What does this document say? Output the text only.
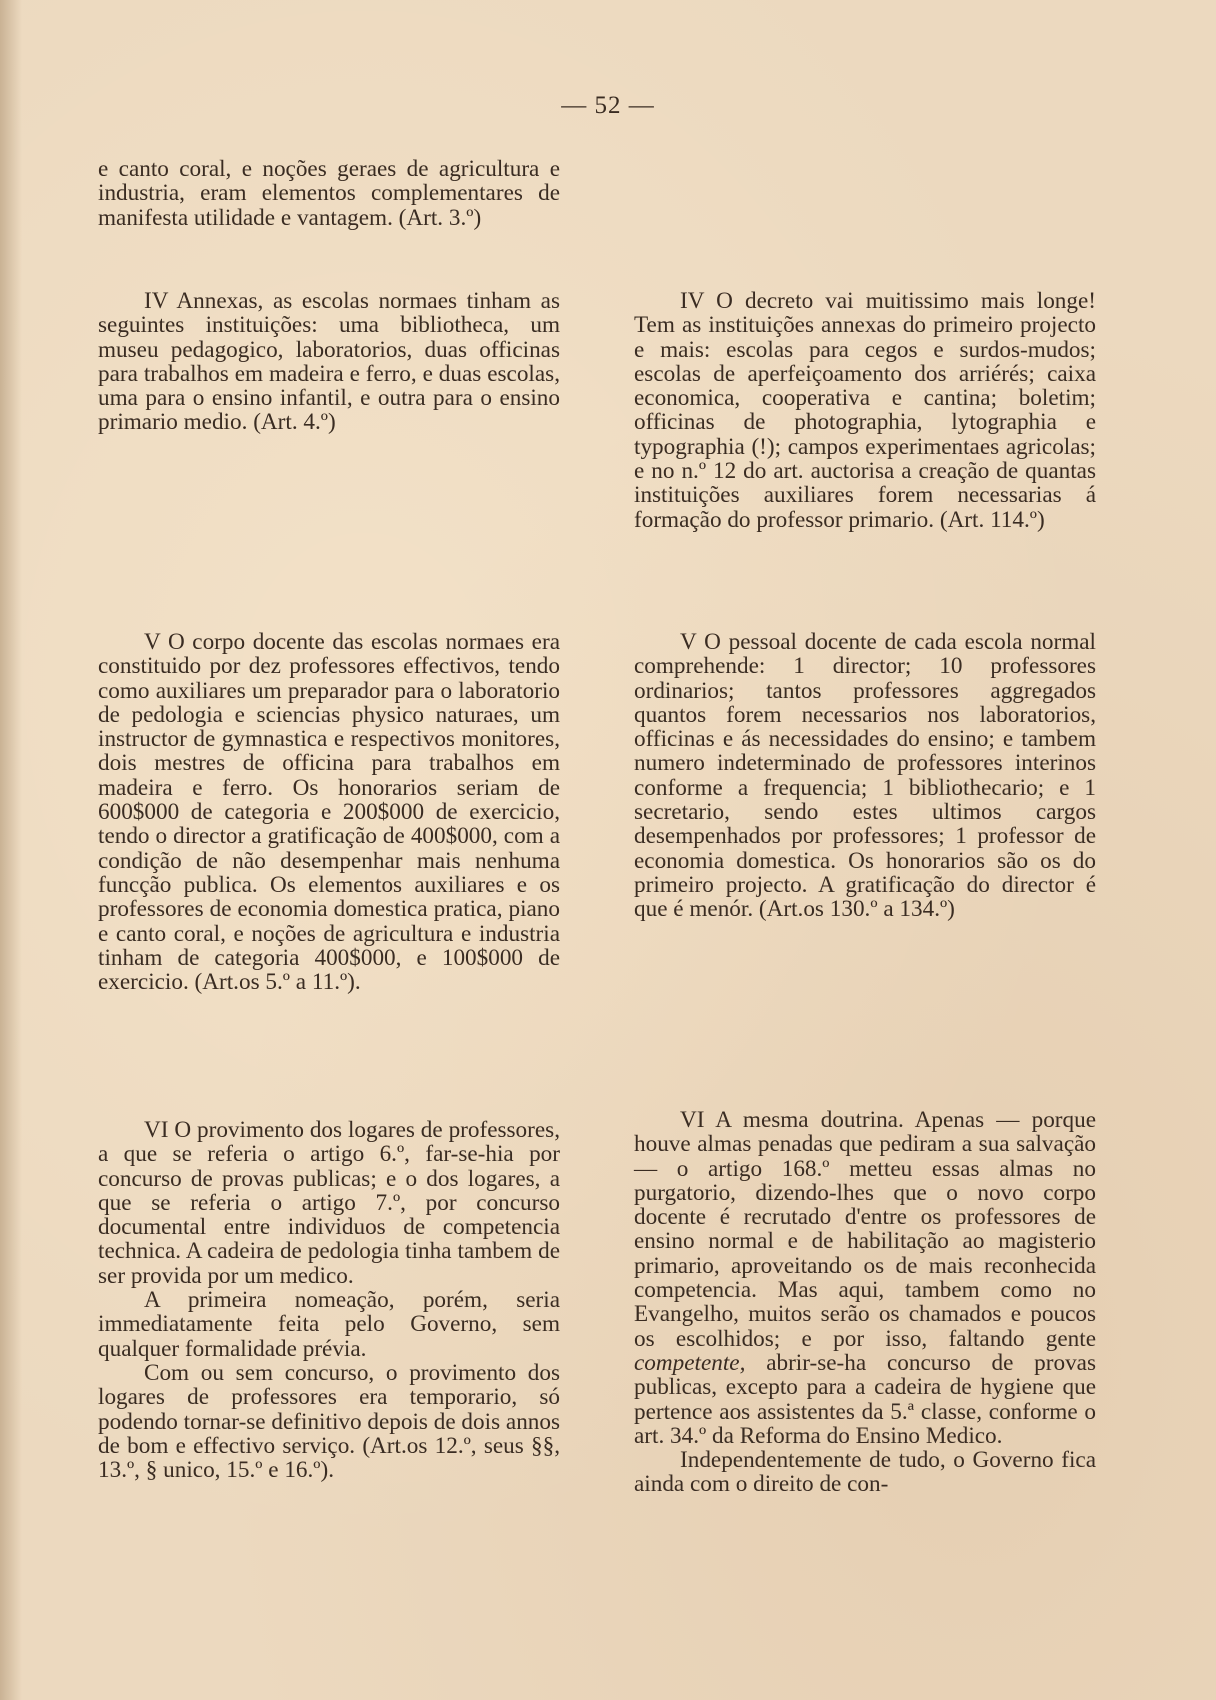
— 52 —

e canto coral, e noções geraes de agricultura e industria, eram elementos complementares de manifesta utilidade e vantagem. (Art. 3.º)

IV Annexas, as escolas normaes tinham as seguintes instituições: uma bibliotheca, um museu pedagogico, laboratorios, duas officinas para trabalhos em madeira e ferro, e duas escolas, uma para o ensino infantil, e outra para o ensino primario medio. (Art. 4.º)

V O corpo docente das escolas normaes era constituido por dez professores effectivos, tendo como auxiliares um preparador para o laboratorio de pedologia e sciencias physico naturaes, um instructor de gymnastica e respectivos monitores, dois mestres de officina para trabalhos em madeira e ferro. Os honorarios seriam de 600$000 de categoria e 200$000 de exercicio, tendo o director a gratificação de 400$000, com a condição de não desempenhar mais nenhuma funcção publica. Os elementos auxiliares e os professores de economia domestica pratica, piano e canto coral, e noções de agricultura e industria tinham de categoria 400$000, e 100$000 de exercicio. (Art.os 5.º a 11.º).

VI O provimento dos logares de professores, a que se referia o artigo 6.º, far-se-hia por concurso de provas publicas; e o dos logares, a que se referia o artigo 7.º, por concurso documental entre individuos de competencia technica. A cadeira de pedologia tinha tambem de ser provida por um medico.

A primeira nomeação, porém, seria immediatamente feita pelo Governo, sem qualquer formalidade prévia.

Com ou sem concurso, o provimento dos logares de professores era temporario, só podendo tornar-se definitivo depois de dois annos de bom e effectivo serviço. (Art.os 12.º, seus §§, 13.º, § unico, 15.º e 16.º).

IV O decreto vai muitissimo mais longe! Tem as instituições annexas do primeiro projecto e mais: escolas para cegos e surdos-mudos; escolas de aperfeiçoamento dos arriérés; caixa economica, cooperativa e cantina; boletim; officinas de photographia, lytographia e typographia (!); campos experimentaes agricolas; e no n.º 12 do art. auctorisa a creação de quantas instituições auxiliares forem necessarias á formação do professor primario. (Art. 114.º)

V O pessoal docente de cada escola normal comprehende: 1 director; 10 professores ordinarios; tantos professores aggregados quantos forem necessarios nos laboratorios, officinas e ás necessidades do ensino; e tambem numero indeterminado de professores interinos conforme a frequencia; 1 bibliothecario; e 1 secretario, sendo estes ultimos cargos desempenhados por professores; 1 professor de economia domestica. Os honorarios são os do primeiro projecto. A gratificação do director é que é menór. (Art.os 130.º a 134.º)

VI A mesma doutrina. Apenas — porque houve almas penadas que pediram a sua salvação — o artigo 168.º metteu essas almas no purgatorio, dizendo-lhes que o novo corpo docente é recrutado d'entre os professores de ensino normal e de habilitação ao magisterio primario, aproveitando os de mais reconhecida competencia. Mas aqui, tambem como no Evangelho, muitos serão os chamados e poucos os escolhidos; e por isso, faltando gente competente, abrir-se-ha concurso de provas publicas, excepto para a cadeira de hygiene que pertence aos assistentes da 5.ª classe, conforme o art. 34.º da Reforma do Ensino Medico.

Independentemente de tudo, o Governo fica ainda com o direito de con-
